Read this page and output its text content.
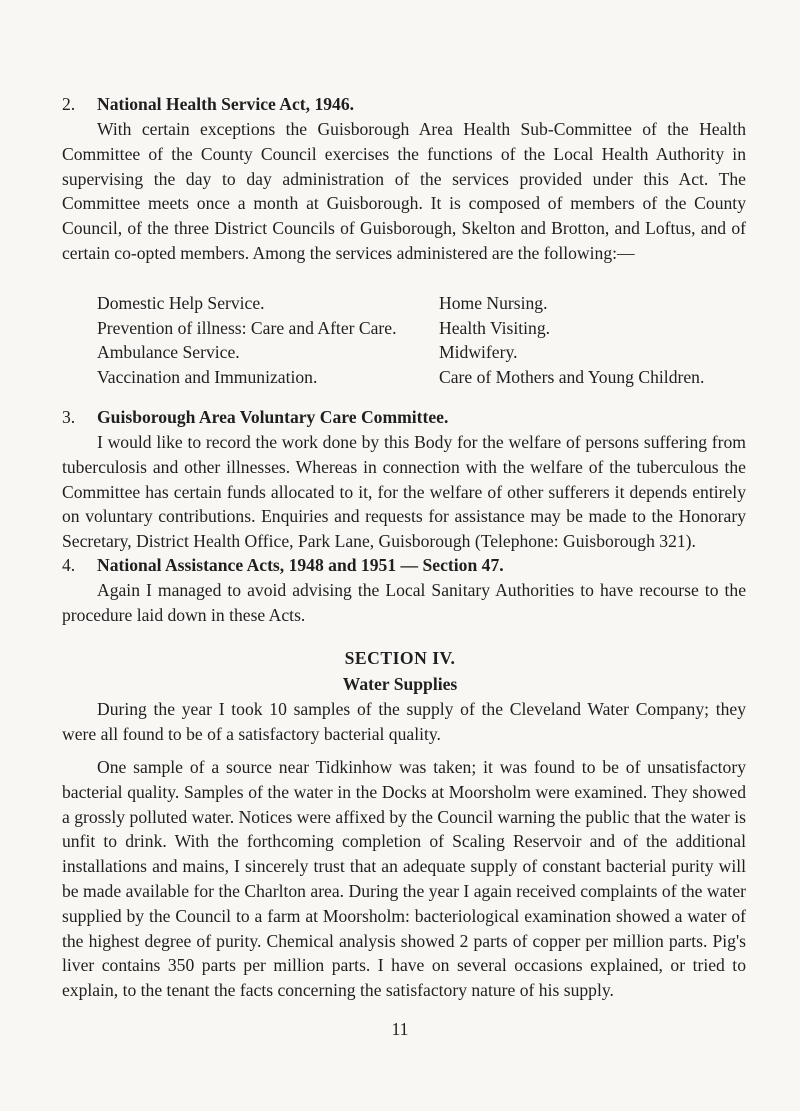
2. National Health Service Act, 1946.

With certain exceptions the Guisborough Area Health Sub-Committee of the Health Committee of the County Council exercises the functions of the Local Health Authority in supervising the day to day administration of the services provided under this Act. The Committee meets once a month at Guisborough. It is composed of members of the County Council, of the three District Councils of Guisborough, Skelton and Brotton, and Loftus, and of certain co-opted members. Among the services administered are the following:—

Domestic Help Service.

Prevention of illness: Care and After Care.

Ambulance Service.

Vaccination and Immunization.

Home Nursing.

Health Visiting.

Midwifery.

Care of Mothers and Young Children.

3. Guisborough Area Voluntary Care Committee.

I would like to record the work done by this Body for the welfare of persons suffering from tuberculosis and other illnesses. Whereas in connection with the welfare of the tuberculous the Committee has certain funds allocated to it, for the welfare of other sufferers it depends entirely on voluntary contributions. Enquiries and requests for assistance may be made to the Honorary Secretary, District Health Office, Park Lane, Guisborough (Telephone: Guisborough 321).

4. National Assistance Acts, 1948 and 1951 — Section 47.

Again I managed to avoid advising the Local Sanitary Authorities to have recourse to the procedure laid down in these Acts.

SECTION IV.

Water Supplies

During the year I took 10 samples of the supply of the Cleveland Water Company; they were all found to be of a satisfactory bacterial quality.

One sample of a source near Tidkinhow was taken; it was found to be of unsatisfactory bacterial quality. Samples of the water in the Docks at Moorsholm were examined. They showed a grossly polluted water. Notices were affixed by the Council warning the public that the water is unfit to drink. With the forthcoming completion of Scaling Reservoir and of the additional installations and mains, I sincerely trust that an adequate supply of constant bacterial purity will be made available for the Charlton area. During the year I again received complaints of the water supplied by the Council to a farm at Moorsholm: bacteriological examination showed a water of the highest degree of purity. Chemical analysis showed 2 parts of copper per million parts. Pig's liver contains 350 parts per million parts. I have on several occasions explained, or tried to explain, to the tenant the facts concerning the satisfactory nature of his supply.

11
